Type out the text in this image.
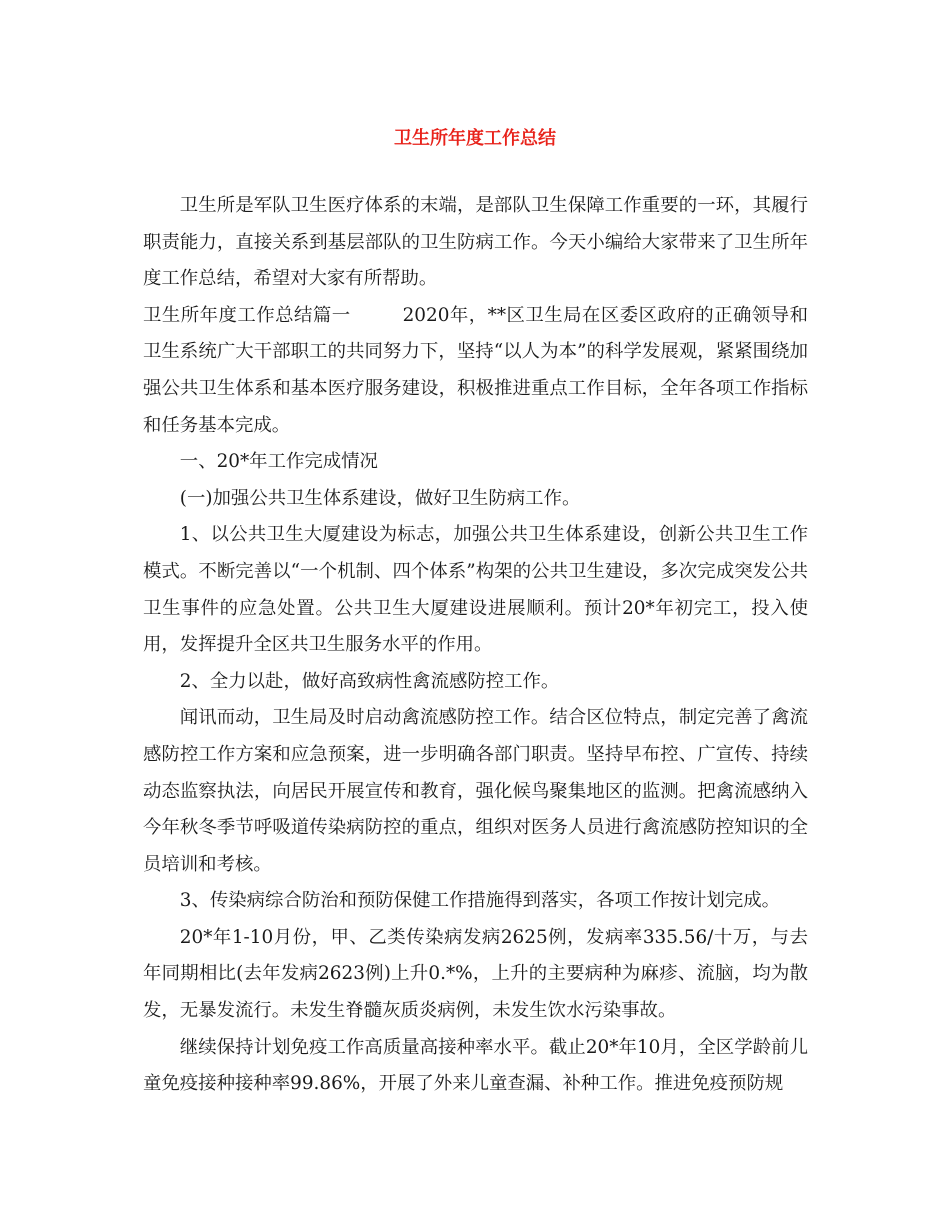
卫生所年度工作总结

卫生所是军队卫生医疗体系的末端，是部队卫生保障工作重要的一环，其履行职责能力，直接关系到基层部队的卫生防病工作。今天小编给大家带来了卫生所年度工作总结，希望对大家有所帮助。

卫生所年度工作总结篇一	2020年，**区卫生局在区委区政府的正确领导和卫生系统广大干部职工的共同努力下，坚持“以人为本”的科学发展观，紧紧围绕加强公共卫生体系和基本医疗服务建设，积极推进重点工作目标，全年各项工作指标和任务基本完成。

一、20*年工作完成情况

(一)加强公共卫生体系建设，做好卫生防病工作。

1、以公共卫生大厦建设为标志，加强公共卫生体系建设，创新公共卫生工作模式。不断完善以“一个机制、四个体系”构架的公共卫生建设，多次完成突发公共卫生事件的应急处置。公共卫生大厦建设进展顺利。预计20*年初完工，投入使用，发挥提升全区共卫生服务水平的作用。

2、全力以赴，做好高致病性禽流感防控工作。

闻讯而动，卫生局及时启动禽流感防控工作。结合区位特点，制定完善了禽流感防控工作方案和应急预案，进一步明确各部门职责。坚持早布控、广宣传、持续动态监察执法，向居民开展宣传和教育，强化候鸟聚集地区的监测。把禽流感纳入今年秋冬季节呼吸道传染病防控的重点，组织对医务人员进行禽流感防控知识的全员培训和考核。

3、传染病综合防治和预防保健工作措施得到落实，各项工作按计划完成。

20*年1-10月份，甲、乙类传染病发病2625例，发病率335.56/十万，与去年同期相比(去年发病2623例)上升0.*%，上升的主要病种为麻疹、流脑，均为散发，无暴发流行。未发生脊髓灰质炎病例，未发生饮水污染事故。

继续保持计划免疫工作高质量高接种率水平。截止20*年10月，全区学龄前儿童免疫接种接种率99.86%，开展了外来儿童查漏、补种工作。推进免疫预防规
